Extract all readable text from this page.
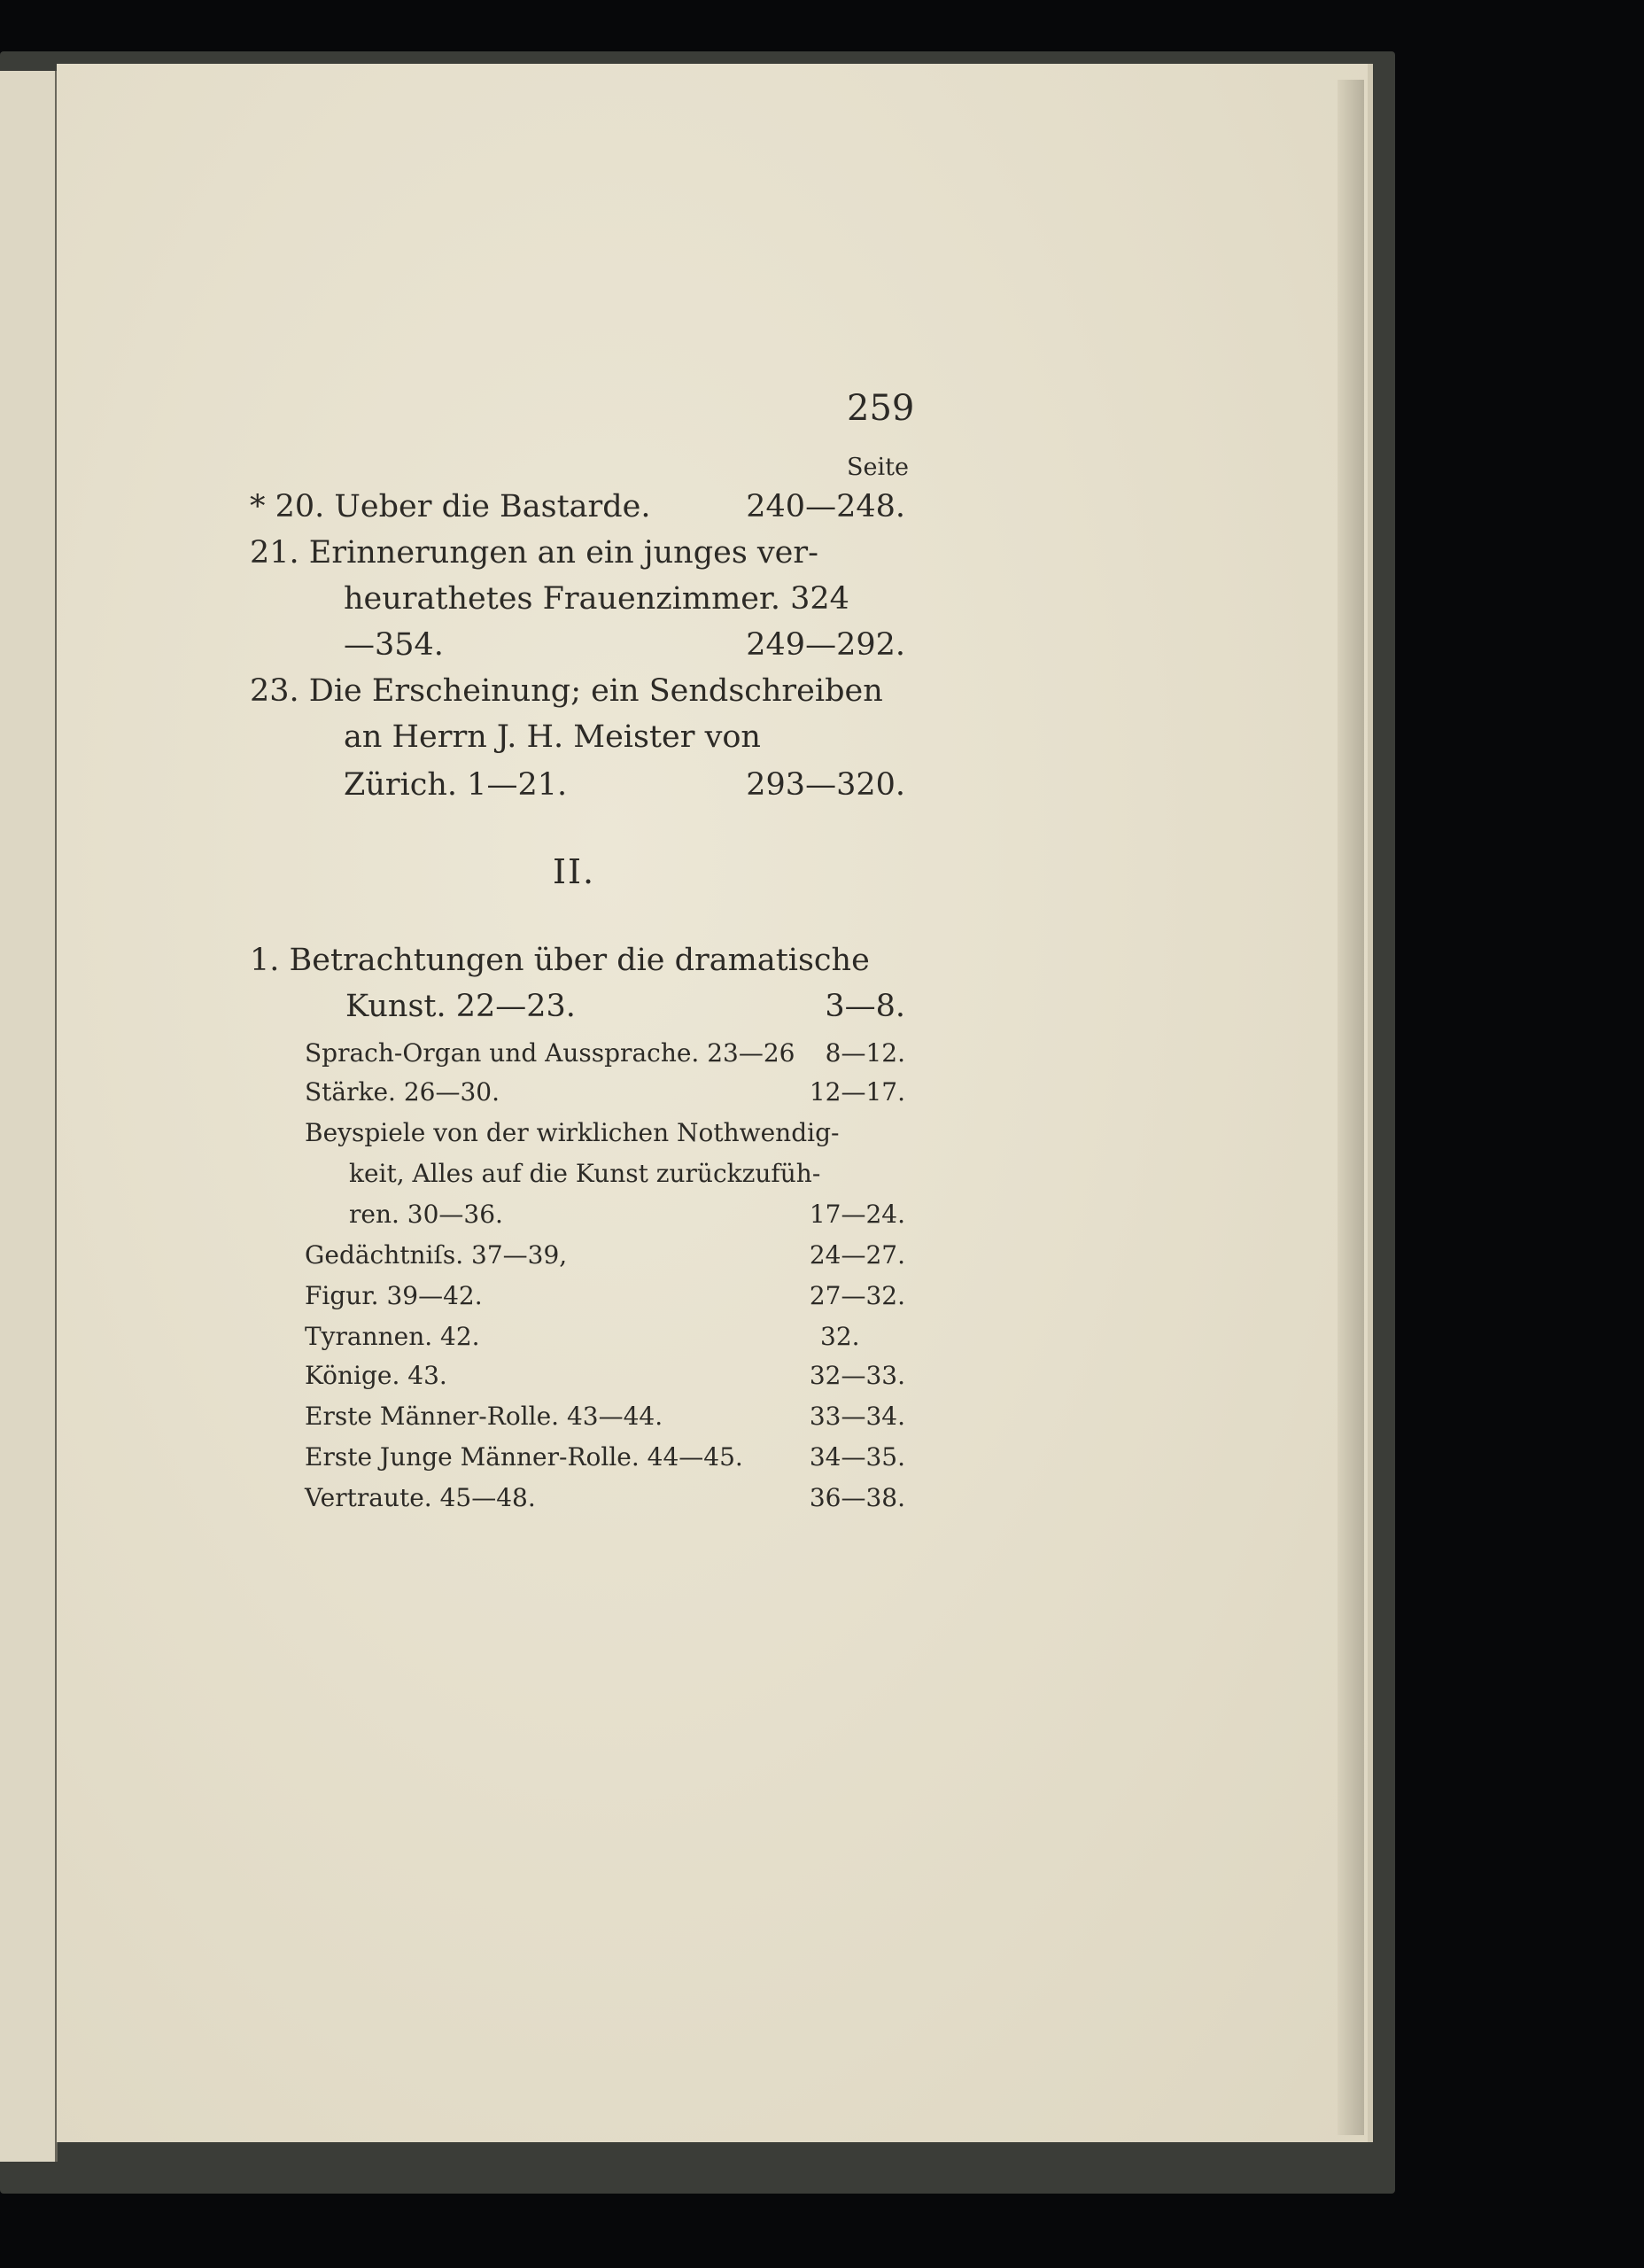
259
Seite
* 20. Ueber die Bastarde.	240—248.
21. Erinnerungen an ein junges ver-
heurathetes Frauenzimmer. 324
—354.	249—292.
23. Die Erscheinung; ein Sendschreiben
an Herrn J. H. Meister von
Zürich. 1—21.	293—320.
II.
1. Betrachtungen über die dramatische
Kunst. 22—23.	3—8.
Sprach-Organ und Aussprache. 23—26	8—12.
Stärke. 26—30.	12—17.
Beyspiele von der wirklichen Nothwendig-
keit, Alles auf die Kunst zurückzufüh-
ren. 30—36.	17—24.
Gedächtniſs. 37—39,	24—27.
Figur. 39—42.	27—32.
Tyrannen. 42.	32.
Könige. 43.	32—33.
Erste Männer-Rolle. 43—44.	33—34.
Erste Junge Männer-Rolle. 44—45.	34—35.
Vertraute. 45—48.	36—38.
